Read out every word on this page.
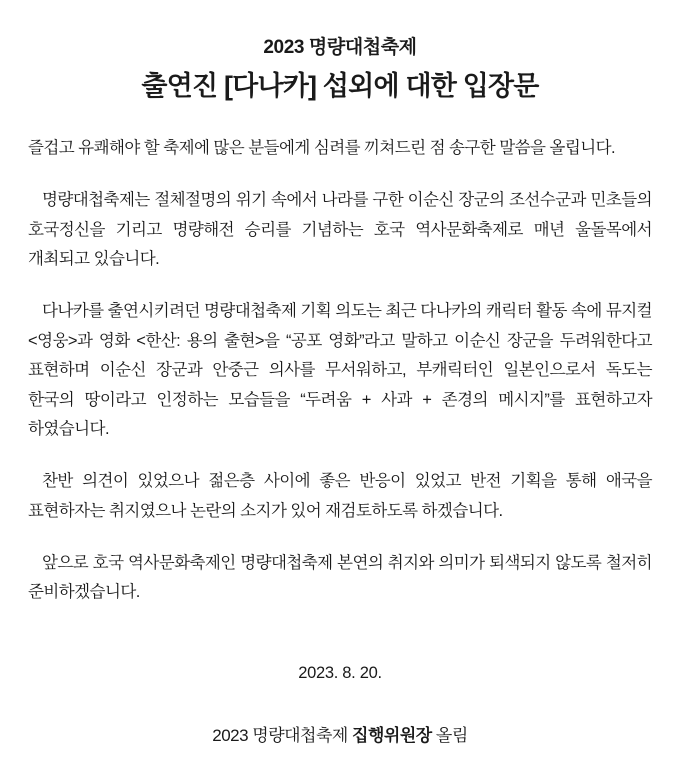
2023 명량대첩축제
출연진 [다나카] 섭외에 대한 입장문

즐겁고 유쾌해야 할 축제에 많은 분들에게 심려를 끼쳐드린 점 송구한 말씀을 올립니다.

명량대첩축제는 절체절명의 위기 속에서 나라를 구한 이순신 장군의 조선수군과 민초들의 호국정신을 기리고 명량해전 승리를 기념하는 호국 역사문화축제로 매년 울돌목에서 개최되고 있습니다.

다나카를 출연시키려던 명량대첩축제 기획 의도는 최근 다나카의 캐릭터 활동 속에 뮤지컬 <영웅>과 영화 <한산: 용의 출현>을 “공포 영화”라고 말하고 이순신 장군을 두려워한다고 표현하며 이순신 장군과 안중근 의사를 무서워하고, 부캐릭터인 일본인으로서 독도는 한국의 땅이라고 인정하는 모습들을 “두려움 + 사과 + 존경의 메시지”를 표현하고자 하였습니다.

찬반 의견이 있었으나 젊은층 사이에 좋은 반응이 있었고 반전 기획을 통해 애국을 표현하자는 취지였으나 논란의 소지가 있어 재검토하도록 하겠습니다.

앞으로 호국 역사문화축제인 명량대첩축제 본연의 취지와 의미가 퇴색되지 않도록 철저히 준비하겠습니다.

2023. 8. 20.

2023 명량대첩축제 집행위원장 올림
